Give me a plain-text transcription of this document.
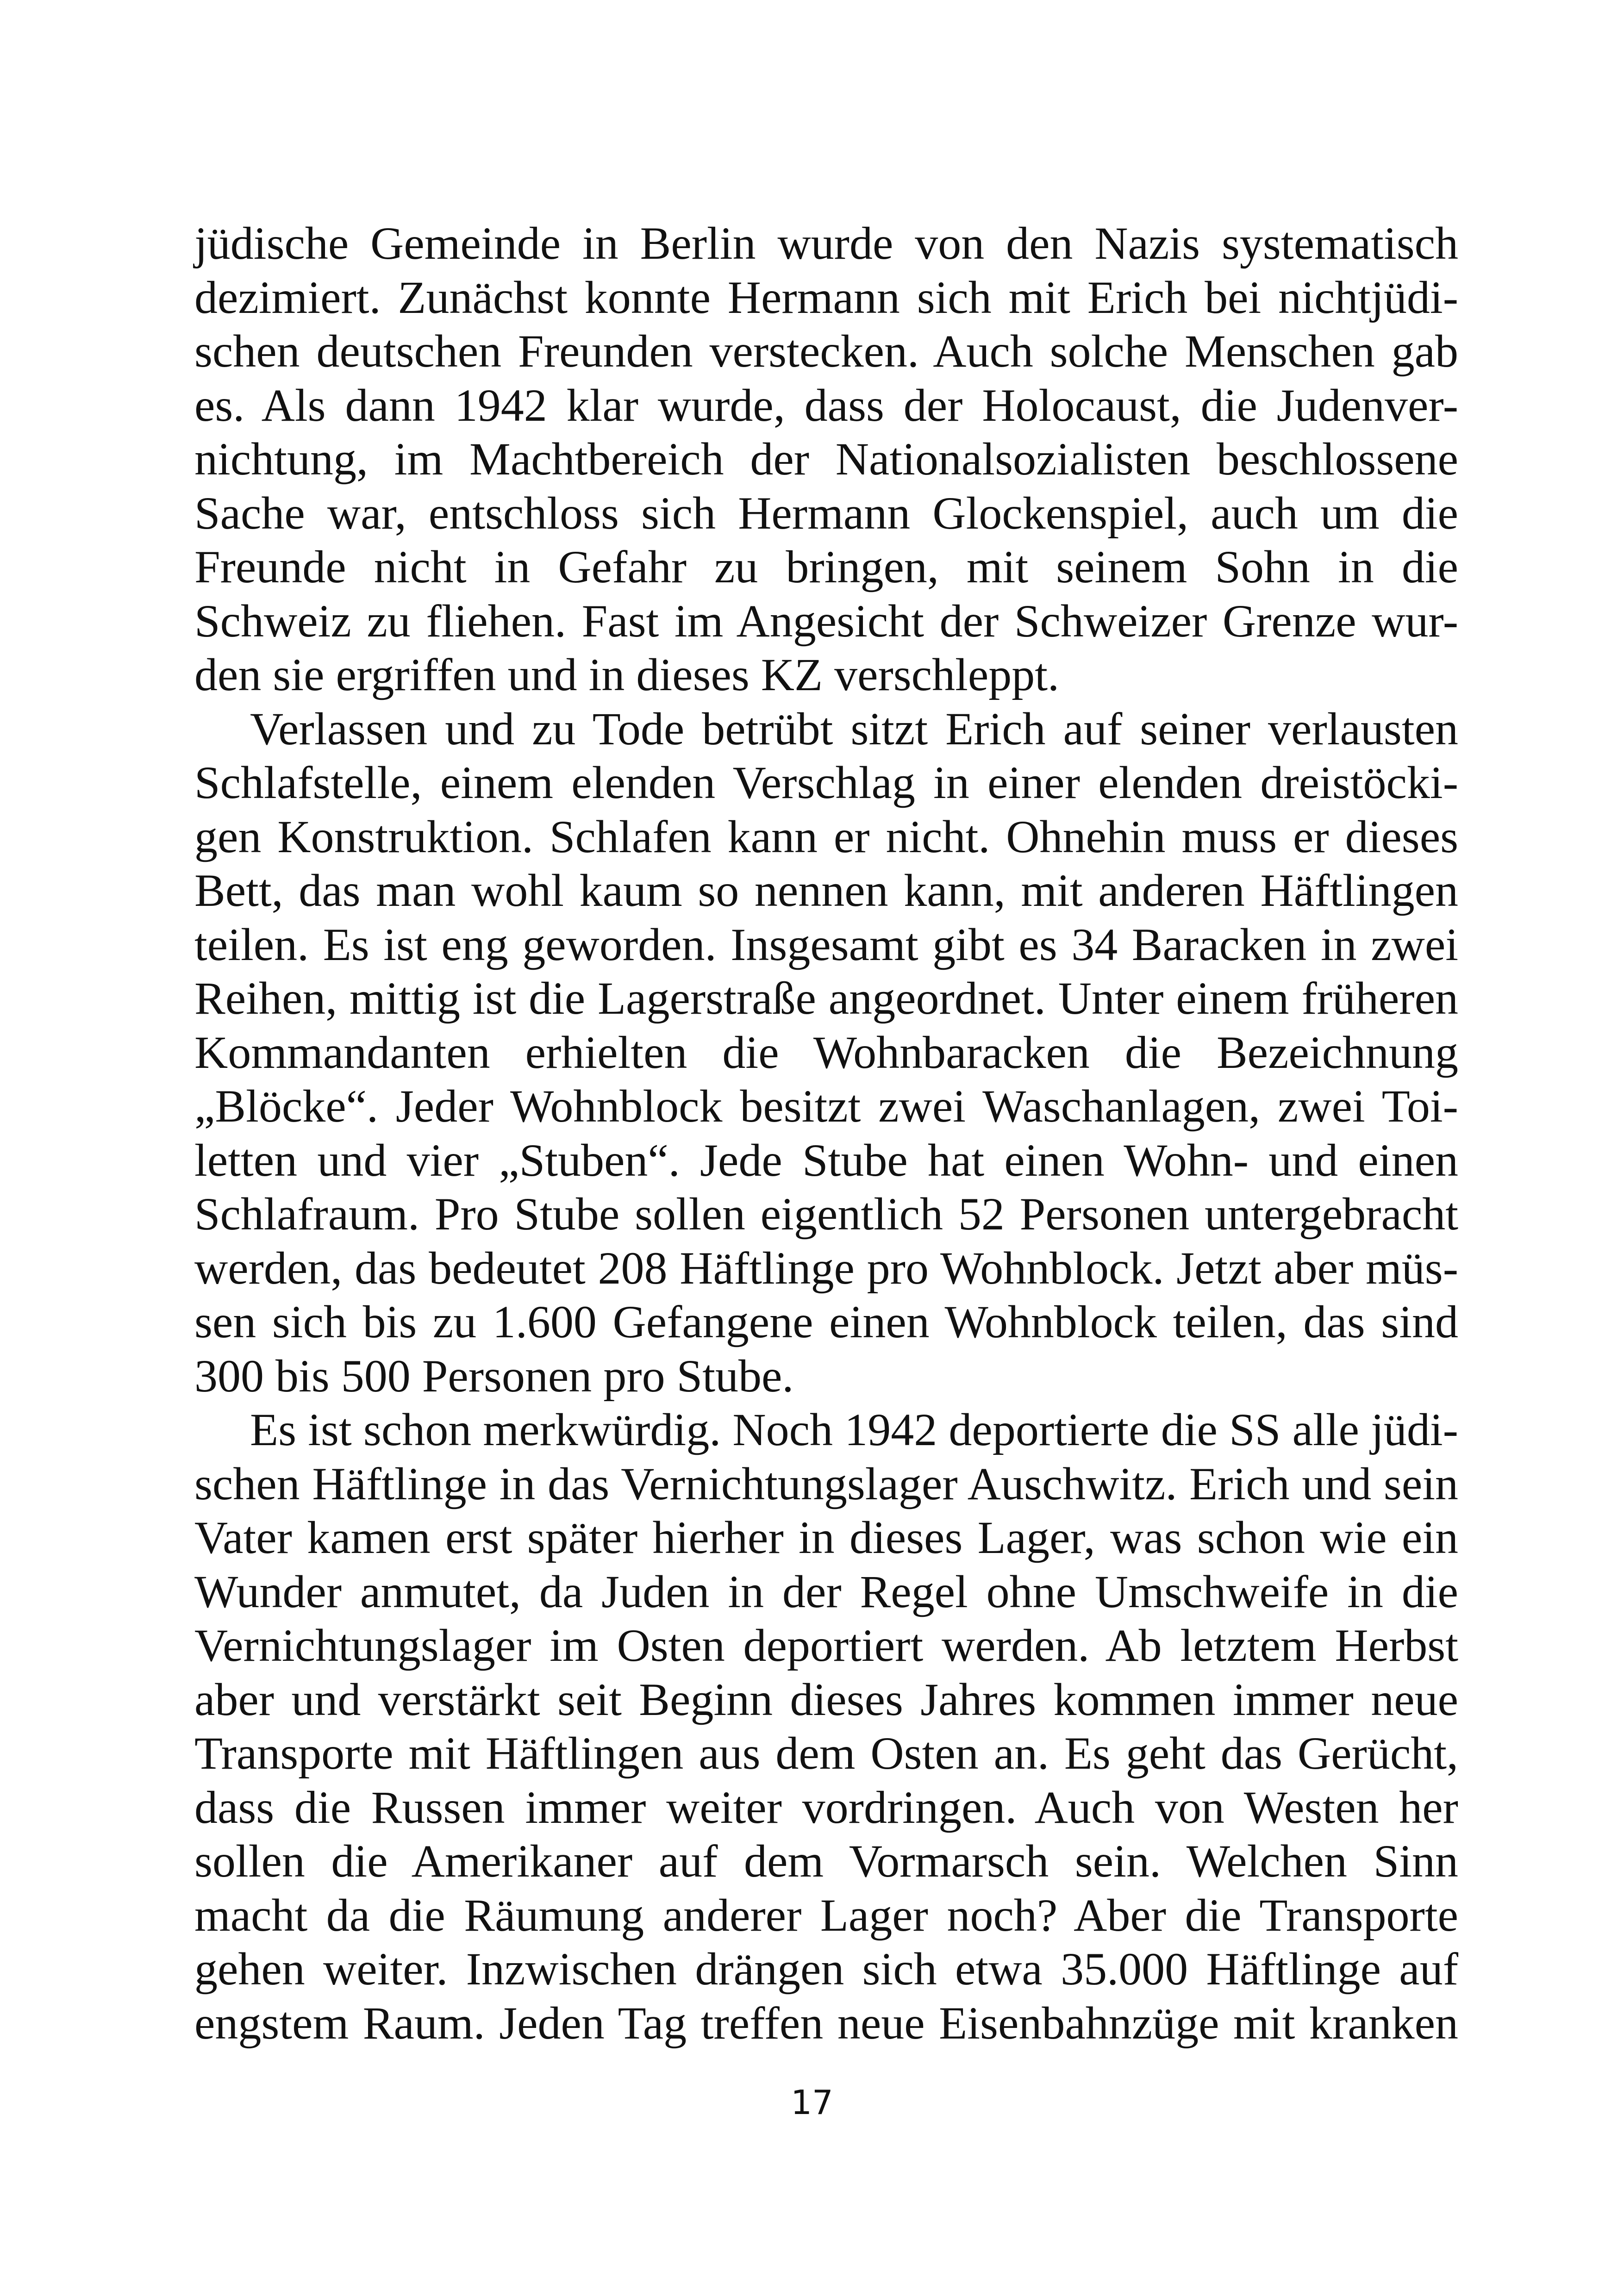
jüdische Gemeinde in Berlin wurde von den Nazis systematisch
dezimiert. Zunächst konnte Hermann sich mit Erich bei nichtjüdi-
schen deutschen Freunden verstecken. Auch solche Menschen gab
es. Als dann 1942 klar wurde, dass der Holocaust, die Judenver-
nichtung, im Machtbereich der Nationalsozialisten beschlossene
Sache war, entschloss sich Hermann Glockenspiel, auch um die
Freunde nicht in Gefahr zu bringen, mit seinem Sohn in die
Schweiz zu fliehen. Fast im Angesicht der Schweizer Grenze wur-
den sie ergriffen und in dieses KZ verschleppt.
Verlassen und zu Tode betrübt sitzt Erich auf seiner verlausten
Schlafstelle, einem elenden Verschlag in einer elenden dreistöcki-
gen Konstruktion. Schlafen kann er nicht. Ohnehin muss er dieses
Bett, das man wohl kaum so nennen kann, mit anderen Häftlingen
teilen. Es ist eng geworden. Insgesamt gibt es 34 Baracken in zwei
Reihen, mittig ist die Lagerstraße angeordnet. Unter einem früheren
Kommandanten erhielten die Wohnbaracken die Bezeichnung
„Blöcke“. Jeder Wohnblock besitzt zwei Waschanlagen, zwei Toi-
letten und vier „Stuben“. Jede Stube hat einen Wohn- und einen
Schlafraum. Pro Stube sollen eigentlich 52 Personen untergebracht
werden, das bedeutet 208 Häftlinge pro Wohnblock. Jetzt aber müs-
sen sich bis zu 1.600 Gefangene einen Wohnblock teilen, das sind
300 bis 500 Personen pro Stube.
Es ist schon merkwürdig. Noch 1942 deportierte die SS alle jüdi-
schen Häftlinge in das Vernichtungslager Auschwitz. Erich und sein
Vater kamen erst später hierher in dieses Lager, was schon wie ein
Wunder anmutet, da Juden in der Regel ohne Umschweife in die
Vernichtungslager im Osten deportiert werden. Ab letztem Herbst
aber und verstärkt seit Beginn dieses Jahres kommen immer neue
Transporte mit Häftlingen aus dem Osten an. Es geht das Gerücht,
dass die Russen immer weiter vordringen. Auch von Westen her
sollen die Amerikaner auf dem Vormarsch sein. Welchen Sinn
macht da die Räumung anderer Lager noch? Aber die Transporte
gehen weiter. Inzwischen drängen sich etwa 35.000 Häftlinge auf
engstem Raum. Jeden Tag treffen neue Eisenbahnzüge mit kranken
17
